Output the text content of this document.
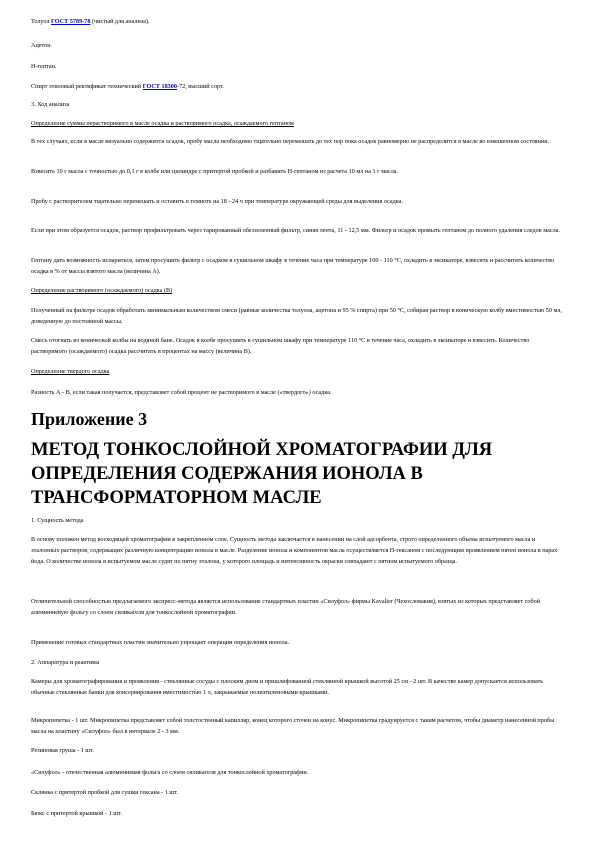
Толуол ГОСТ 5789-78 (чистый для анализа).

Ацетон.

Н-гептан.

Спирт этиловый ректификат технический ГОСТ 18300-72, высший сорт.

3. Ход анализа

Определение суммы нерастворимого в масле осадка и растворимого осадка, осаждаемого гептаном

В тех случаях, если в масле визуально содержится осадок, пробу масла необходимо тщательно перемешать до тех пор пока осадок равномерно не распределится в масле во взвешенном состоянии.

Взвесить 10 г масла с точностью до 0,1 г в колбе или цилиндре с притертой пробкой и разбавить Н-гептаном из расчета 10 мл на 1 г масла.

Пробу с растворителем тщательно перемешать и оставить в темноте на 18 - 24 ч при температуре окружающей среды для выделения осадка.

Если при этом образуется осадок, раствор профильтровать через тарированный обеззоленный фильтр, синяя лента, 11 - 12,5 мм. Фильтр и осадок промыть гептаном до полного удаления следов масла.

Гептану дать возможность испариться, затем просушить фильтр с осадком в сушильном шкафу в течение часа при температуре 100 - 110 °С, охладить в эксикаторе, взвесить и рассчитать количество осадка в % от массы взятого масла (величина А).

Определение растворимого (осаждаемого) осадка (В)

Полученный на фильтре осадок обработать минимальным количеством смеси (равные количества толуола, ацетона и 95 % спирта) при 50 °С, собирая раствор в коническую колбу вместимостью 50 мл, доведенную до постоянной массы.

Смесь отогнать из конической колбы на водяной бане. Осадок в колбе просушить в сушильном шкафу при температуре 110 °С в течение часа, охладить в эксикаторе и взвесить. Количество растворимого (осаждаемого) осадка рассчитать в процентах на массу (величина В).

Определение твердого осадка

Разность А - В, если такая получается, представляет собой процент не растворимого в масле («твердого») осадка.

Приложение 3
МЕТОД ТОНКОСЛОЙНОЙ ХРОМАТОГРАФИИ ДЛЯ ОПРЕДЕЛЕНИЯ СОДЕРЖАНИЯ ИОНОЛА В ТРАНСФОРМАТОРНОМ МАСЛЕ

1. Сущность метода

В основу положен метод восходящей хроматографии в закрепленном слое. Сущность метода заключается в нанесении на слой адсорбента, строго определенного объема испытуемого масла и эталонных растворов, содержащих различную концентрацию ионола в масле. Разделение ионола и компонентов масла осуществляется Н-гексаном с последующим проявлением пятен ионола в парах йода. О количестве ионола в испытуемом масле судят по пятну эталона, у которого площадь и интенсивность окраски совпадают с пятном испытуемого образца.

Отличительной способностью предлагаемого экспресс-метода является использование стандартных пластин «Силуфол» фирмы Kavalier (Чехословакия), взятых из которых представляет собой алюминиевую фольгу со слоем силикагеля для тонкослойной хроматографии.

Применение готовых стандартных пластин значительно упрощает операции определения ионола.

2. Аппаратура и реактивы

Камеры для хроматографирования и проявления - стеклянные сосуды с плоским дном и пришлифованной стеклянной крышкой высотой 25 см - 2 шт. В качестве камер допускается использовать обычные стеклянные банки для консервирования вместимостью 1 л, закрываемые полиэтиленовыми крышками.

Микропипетка - 1 шт. Микропипетка представляет собой толстостенный капилляр, конец которого сточен на конус. Микропипетка градуируется с таким расчетом, чтобы диаметр нанесенной пробы масла на пластину «Силуфол» был в интервале 2 - 3 мм.

Резиновая груша - 1 шт.

«Силуфол» - отечественная алюминиевая фольга со слоем силикагеля для тонкослойной хроматографии.

Склянка с притертой пробкой для сушки гексана - 1 шт.

Бюкс с притертой крышкой - 1 шт.
